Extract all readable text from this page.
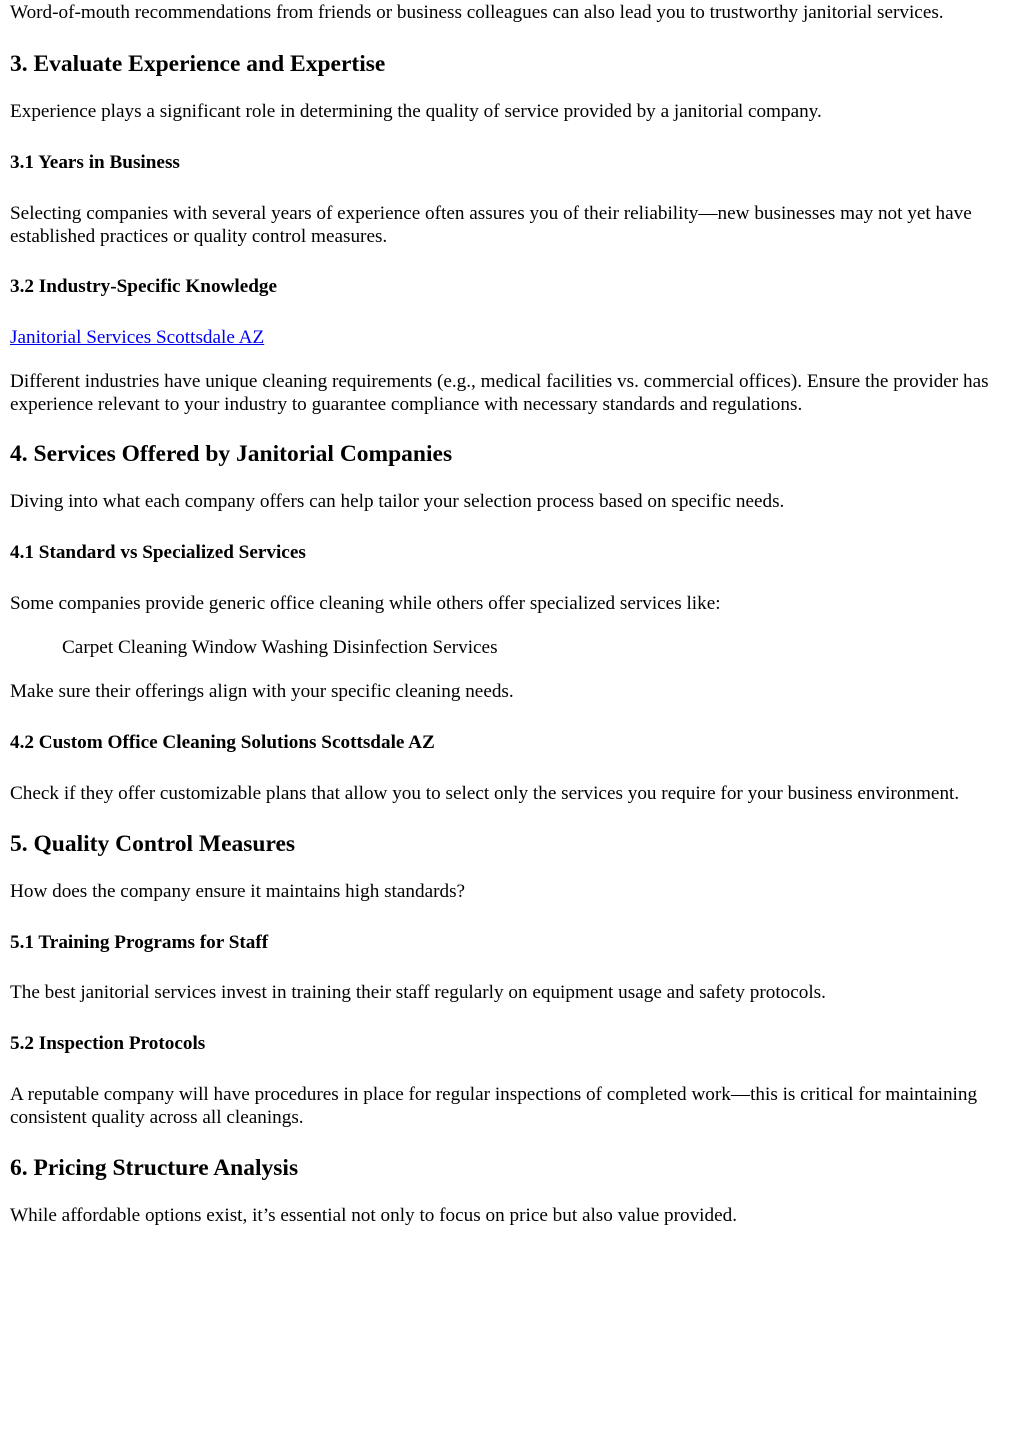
Word-of-mouth recommendations from friends or business colleagues can also lead you to trustworthy janitorial services.

3. Evaluate Experience and Expertise

Experience plays a significant role in determining the quality of service provided by a janitorial company.

3.1 Years in Business

Selecting companies with several years of experience often assures you of their reliability—new businesses may not yet have established practices or quality control measures.

3.2 Industry-Specific Knowledge

Janitorial Services Scottsdale AZ

Different industries have unique cleaning requirements (e.g., medical facilities vs. commercial offices). Ensure the provider has experience relevant to your industry to guarantee compliance with necessary standards and regulations.

4. Services Offered by Janitorial Companies

Diving into what each company offers can help tailor your selection process based on specific needs.

4.1 Standard vs Specialized Services

Some companies provide generic office cleaning while others offer specialized services like:

Carpet Cleaning Window Washing Disinfection Services

Make sure their offerings align with your specific cleaning needs.

4.2 Custom Office Cleaning Solutions Scottsdale AZ

Check if they offer customizable plans that allow you to select only the services you require for your business environment.

5. Quality Control Measures

How does the company ensure it maintains high standards?

5.1 Training Programs for Staff

The best janitorial services invest in training their staff regularly on equipment usage and safety protocols.

5.2 Inspection Protocols

A reputable company will have procedures in place for regular inspections of completed work—this is critical for maintaining consistent quality across all cleanings.

6. Pricing Structure Analysis

While affordable options exist, it’s essential not only to focus on price but also value provided.
